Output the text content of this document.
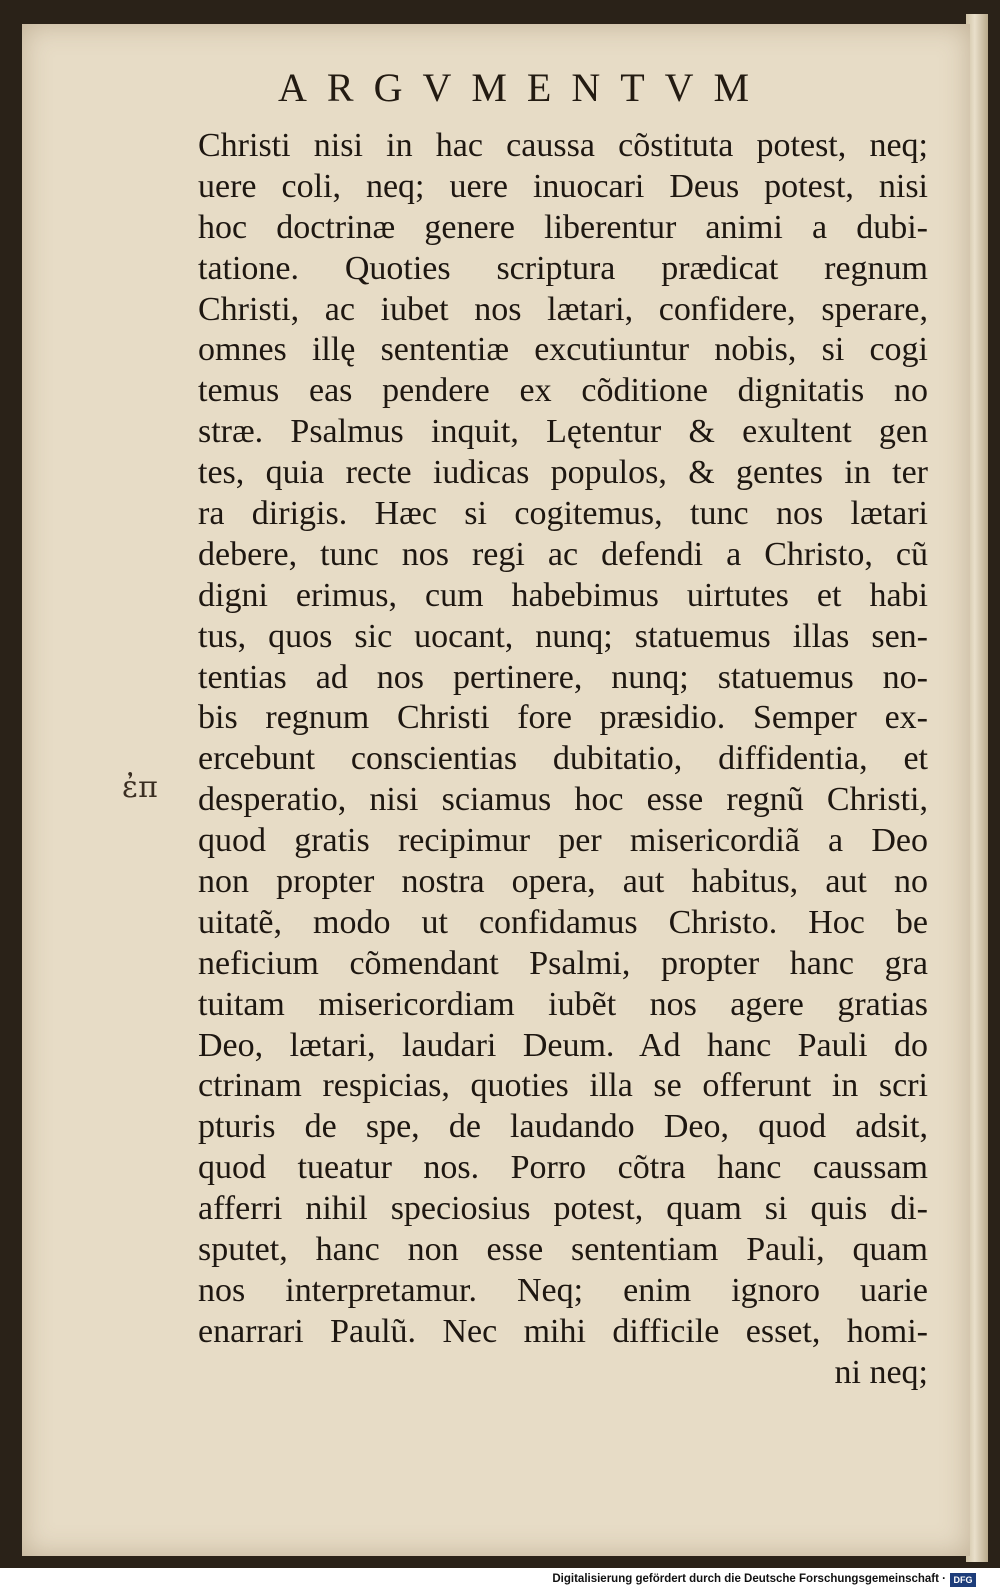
ARGVMENTVM
ἐπ
Christi nisi in hac caussa cõstituta potest, neq;
uere coli, neq; uere inuocari Deus potest, nisi
hoc doctrinæ genere liberentur animi a dubi-
tatione. Quoties scriptura prædicat regnum
Christi, ac iubet nos lætari, confidere, sperare,
omnes illę sententiæ excutiuntur nobis, si cogi
temus eas pendere ex cõditione dignitatis no
stræ. Psalmus inquit, Lętentur & exultent gen
tes, quia recte iudicas populos, & gentes in ter
ra dirigis. Hæc si cogitemus, tunc nos lætari
debere, tunc nos regi ac defendi a Christo, cũ
digni erimus, cum habebimus uirtutes et habi
tus, quos sic uocant, nunq; statuemus illas sen-
tentias ad nos pertinere, nunq; statuemus no-
bis regnum Christi fore præsidio. Semper ex-
ercebunt conscientias dubitatio, diffidentia, et
desperatio, nisi sciamus hoc esse regnũ Christi,
quod gratis recipimur per misericordiã a Deo
non propter nostra opera, aut habitus, aut no
uitatẽ, modo ut confidamus Christo. Hoc be
neficium cõmendant Psalmi, propter hanc gra
tuitam misericordiam iubẽt nos agere gratias
Deo, lætari, laudari Deum. Ad hanc Pauli do
ctrinam respicias, quoties illa se offerunt in scri
pturis de spe, de laudando Deo, quod adsit,
quod tueatur nos. Porro cõtra hanc caussam
afferri nihil speciosius potest, quam si quis di-
sputet, hanc non esse sententiam Pauli, quam
nos interpretamur. Neq; enim ignoro uarie
enarrari Paulũ. Nec mihi difficile esset, homi-
ni neq;
Digitalisierung gefördert durch die Deutsche Forschungsgemeinschaft · DFG
